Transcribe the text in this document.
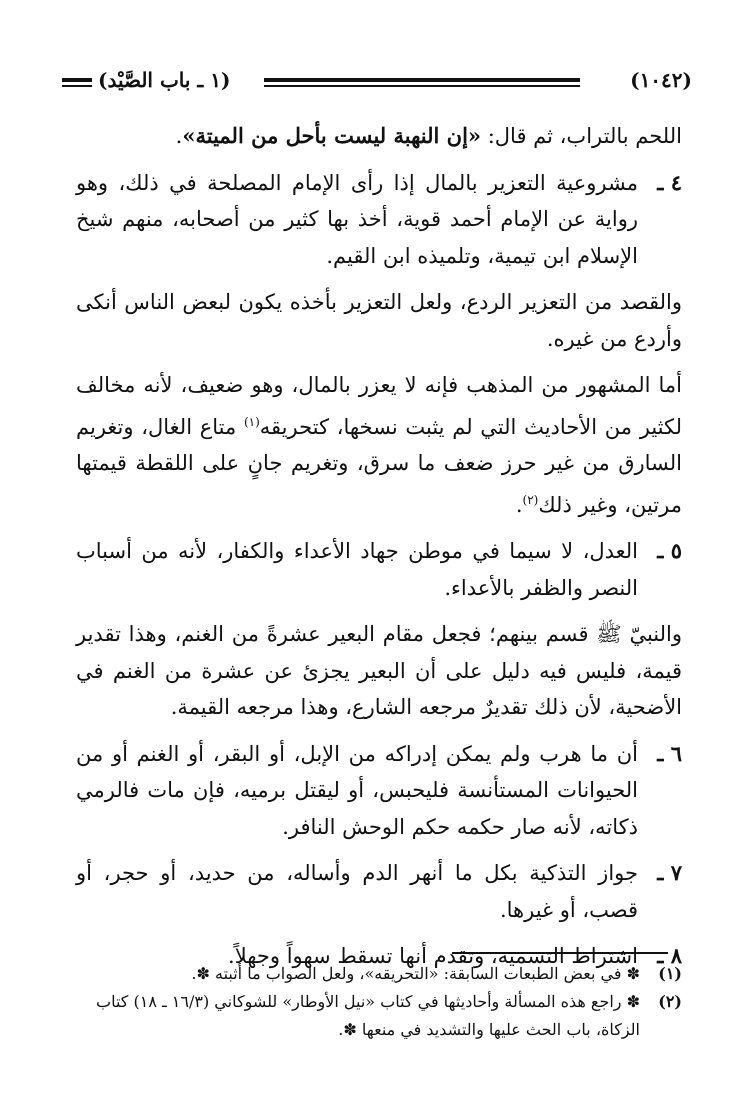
(١٠٤٢)
(١ ـ باب الصَّيْد)

اللحم بالتراب، ثم قال: «إن النهبة ليست بأحل من الميتة».

٤ ـ

مشروعية التعزير بالمال إذا رأى الإمام المصلحة في ذلك، وهو رواية عن الإمام أحمد قوية، أخذ بها كثير من أصحابه، منهم شيخ الإسلام ابن تيمية، وتلميذه ابن القيم.

والقصد من التعزير الردع، ولعل التعزير بأخذه يكون لبعض الناس أنكى وأردع من غيره.

أما المشهور من المذهب فإنه لا يعزر بالمال، وهو ضعيف، لأنه مخالف لكثير من الأحاديث التي لم يثبت نسخها، كتحريقه$^{(١)}$ متاع الغال، وتغريم السارق من غير حرز ضعف ما سرق، وتغريم جانٍ على اللقطة قيمتها مرتين، وغير ذلك$^{(٢)}$.

٥ ـ

العدل، لا سيما في موطن جهاد الأعداء والكفار، لأنه من أسباب النصر والظفر بالأعداء.

والنبيّ ﷺ قسم بينهم؛ فجعل مقام البعير عشرةً من الغنم، وهذا تقدير قيمة، فليس فيه دليل على أن البعير يجزئ عن عشرة من الغنم في الأضحية، لأن ذلك تقديرٌ مرجعه الشارع، وهذا مرجعه القيمة.

٦ ـ

أن ما هرب ولم يمكن إدراكه من الإبل، أو البقر، أو الغنم أو من الحيوانات المستأنسة فليحبس، أو ليقتل برميه، فإن مات فالرمي ذكاته، لأنه صار حكمه حكم الوحش النافر.

٧ ـ

جواز التذكية بكل ما أنهر الدم وأساله، من حديد، أو حجر، أو قصب، أو غيرها.

٨ ـ

اشتراط التسمية، وتقدم أنها تسقط سهواً وجهلاً.

(١)

✽ في بعض الطبعات السابقة: «التحريقه»، ولعل الصواب ما أثبته ✽.

(٢)

✽ راجع هذه المسألة وأحاديثها في كتاب «نيل الأوطار» للشوكاني (١٦/٣ ـ ١٨) كتاب الزكاة، باب الحث عليها والتشديد في منعها ✽.
